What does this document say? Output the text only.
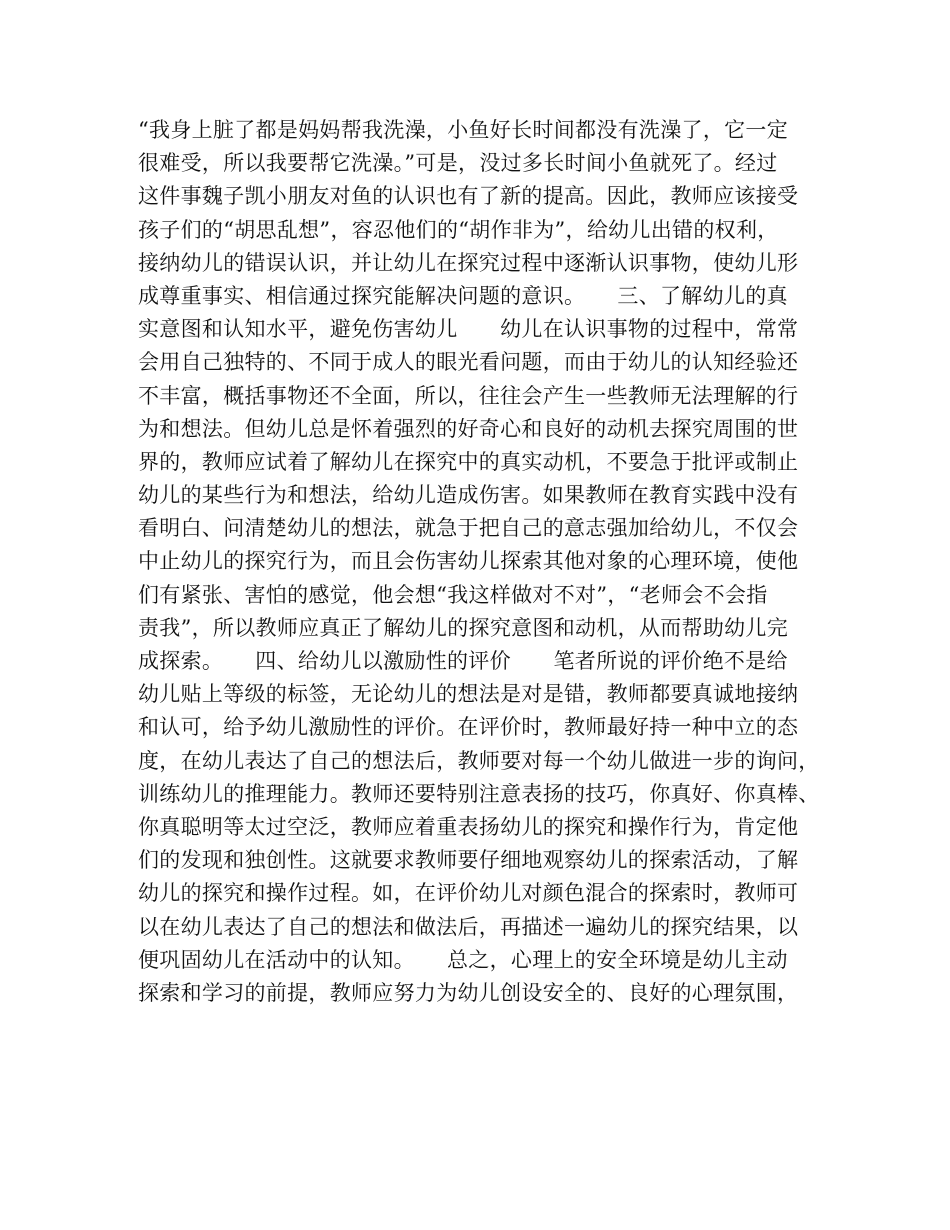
“我身上脏了都是妈妈帮我洗澡，小鱼好长时间都没有洗澡了，它一定
很难受，所以我要帮它洗澡。”可是，没过多长时间小鱼就死了。经过
这件事魏子凯小朋友对鱼的认识也有了新的提高。因此，教师应该接受
孩子们的“胡思乱想”，容忍他们的“胡作非为”，给幼儿出错的权利，
接纳幼儿的错误认识，并让幼儿在探究过程中逐渐认识事物，使幼儿形
成尊重事实、相信通过探究能解决问题的意识。　　三、了解幼儿的真
实意图和认知水平，避免伤害幼儿　　幼儿在认识事物的过程中，常常
会用自己独特的、不同于成人的眼光看问题，而由于幼儿的认知经验还
不丰富，概括事物还不全面，所以，往往会产生一些教师无法理解的行
为和想法。但幼儿总是怀着强烈的好奇心和良好的动机去探究周围的世
界的，教师应试着了解幼儿在探究中的真实动机，不要急于批评或制止
幼儿的某些行为和想法，给幼儿造成伤害。如果教师在教育实践中没有
看明白、问清楚幼儿的想法，就急于把自己的意志强加给幼儿，不仅会
中止幼儿的探究行为，而且会伤害幼儿探索其他对象的心理环境，使他
们有紧张、害怕的感觉，他会想“我这样做对不对”，“老师会不会指
责我”，所以教师应真正了解幼儿的探究意图和动机，从而帮助幼儿完
成探索。　　四、给幼儿以激励性的评价　　笔者所说的评价绝不是给
幼儿贴上等级的标签，无论幼儿的想法是对是错，教师都要真诚地接纳
和认可，给予幼儿激励性的评价。在评价时，教师最好持一种中立的态
度，在幼儿表达了自己的想法后，教师要对每一个幼儿做进一步的询问，
训练幼儿的推理能力。教师还要特别注意表扬的技巧，你真好、你真棒、
你真聪明等太过空泛，教师应着重表扬幼儿的探究和操作行为，肯定他
们的发现和独创性。这就要求教师要仔细地观察幼儿的探索活动，了解
幼儿的探究和操作过程。如，在评价幼儿对颜色混合的探索时，教师可
以在幼儿表达了自己的想法和做法后，再描述一遍幼儿的探究结果，以
便巩固幼儿在活动中的认知。　　总之，心理上的安全环境是幼儿主动
探索和学习的前提，教师应努力为幼儿创设安全的、良好的心理氛围，
